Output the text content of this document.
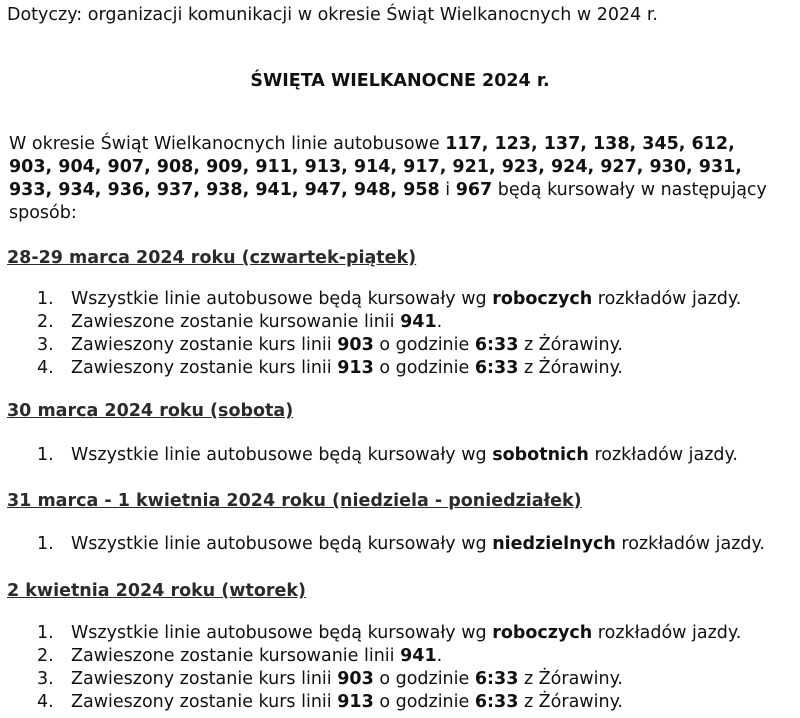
Dotyczy: organizacji komunikacji w okresie Świąt Wielkanocnych w 2024 r.

ŚWIĘTA WIELKANOCNE 2024 r.
W okresie Świąt Wielkanocnych linie autobusowe 117, 123, 137, 138, 345, 612,
903, 904, 907, 908, 909, 911, 913, 914, 917, 921, 923, 924, 927, 930, 931,
933, 934, 936, 937, 938, 941, 947, 948, 958 i 967 będą kursowały w następujący
sposób:
28-29 marca 2024 roku (czwartek-piątek)
1. Wszystkie linie autobusowe będą kursowały wg roboczych rozkładów jazdy.
2. Zawieszone zostanie kursowanie linii 941.
3. Zawieszony zostanie kurs linii 903 o godzinie 6:33 z Żórawiny.
4. Zawieszony zostanie kurs linii 913 o godzinie 6:33 z Żórawiny.
30 marca 2024 roku (sobota)
1. Wszystkie linie autobusowe będą kursowały wg sobotnich rozkładów jazdy.
31 marca - 1 kwietnia 2024 roku (niedziela - poniedziałek)
1. Wszystkie linie autobusowe będą kursowały wg niedzielnych rozkładów jazdy.
2 kwietnia 2024 roku (wtorek)
1. Wszystkie linie autobusowe będą kursowały wg roboczych rozkładów jazdy.
2. Zawieszone zostanie kursowanie linii 941.
3. Zawieszony zostanie kurs linii 903 o godzinie 6:33 z Żórawiny.
4. Zawieszony zostanie kurs linii 913 o godzinie 6:33 z Żórawiny.
